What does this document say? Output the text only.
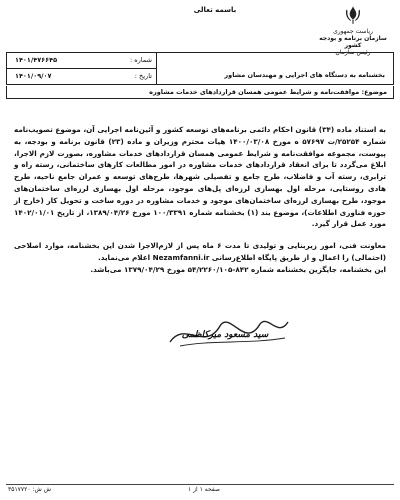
باسمه تعالی
ریاست جمهوری
سازمان برنامه و بودجه کشور
رئیس سازمان
شماره :
۱۴۰۱/۴۷۶۶۴۵
تاریخ :
۱۴۰۱/۰۹/۰۷	بخشنامه به دستگاه های اجرایی و مهندسان مشاور
موضوع: موافقت‌نامه و شرایط عمومی همسان قراردادهای خدمات مشاوره

به استناد ماده (۳۴) قانون احکام دائمی برنامه‌های توسعه کشور و آئین‌نامه اجرایی آن، موضوع تصویب‌نامه شماره ۲۵۲۵۴/ت ۵۷۶۹۷ ه مورخ ۱۴۰۰/۰۳/۰۸ هیات محترم وزیران و ماده (۲۳) قانون برنامه و بودجه، به پیوست، مجموعه موافقت‌نامه و شرایط عمومی همسان قراردادهای خدمات مشاوره، بصورت لازم الاجرا، ابلاغ می‌گردد تا برای انعقاد قراردادهای خدمات مشاوره در امور مطالعات کارهای ساختمانی، رسته راه و ترابری، رسته آب و فاضلاب، طرح جامع و تفصیلی شهرها، طرح‌های توسعه و عمران جامع ناحیه، طرح هادی روستایی، مرحله اول بهسازی لرزه‌ای پل‌های موجود، مرحله اول بهسازی لرزه‌ای ساختمان‌های موجود، طرح بهسازی لرزه‌ای ساختمان‌های موجود و خدمات مشاوره در دوره ساخت و تحویل کار (خارج از حوزه فناوری اطلاعات)، موضوع بند (۱) بخشنامه شماره ۱۰۰/۳۳۹۱ مورخ ۱۳۸۹/۰۴/۲۶، از تاریخ ۱۴۰۲/۰۱/۰۱ مورد عمل قرار گیرد.

معاونت فنی، امور زیربنایی و تولیدی تا مدت ۶ ماه پس از لازم‌الاجرا شدن این بخشنامه، موارد اصلاحی (احتمالی) را اعمال و از طریق پایگاه اطلاع‌رسانی Nezamfanni.ir اعلام می‌نماید.

این بخشنامه، جایگزین بخشنامه شماره ۸۴۲-۵۴/۲۲۶۰/۱۰۵ مورخ ۱۳۷۹/۰۴/۲۹ می‌باشد.

سید مسعود میرکاظمی
ش ش: ۳۵۱۷۷۲۰	صفحه ۱ از ۱
